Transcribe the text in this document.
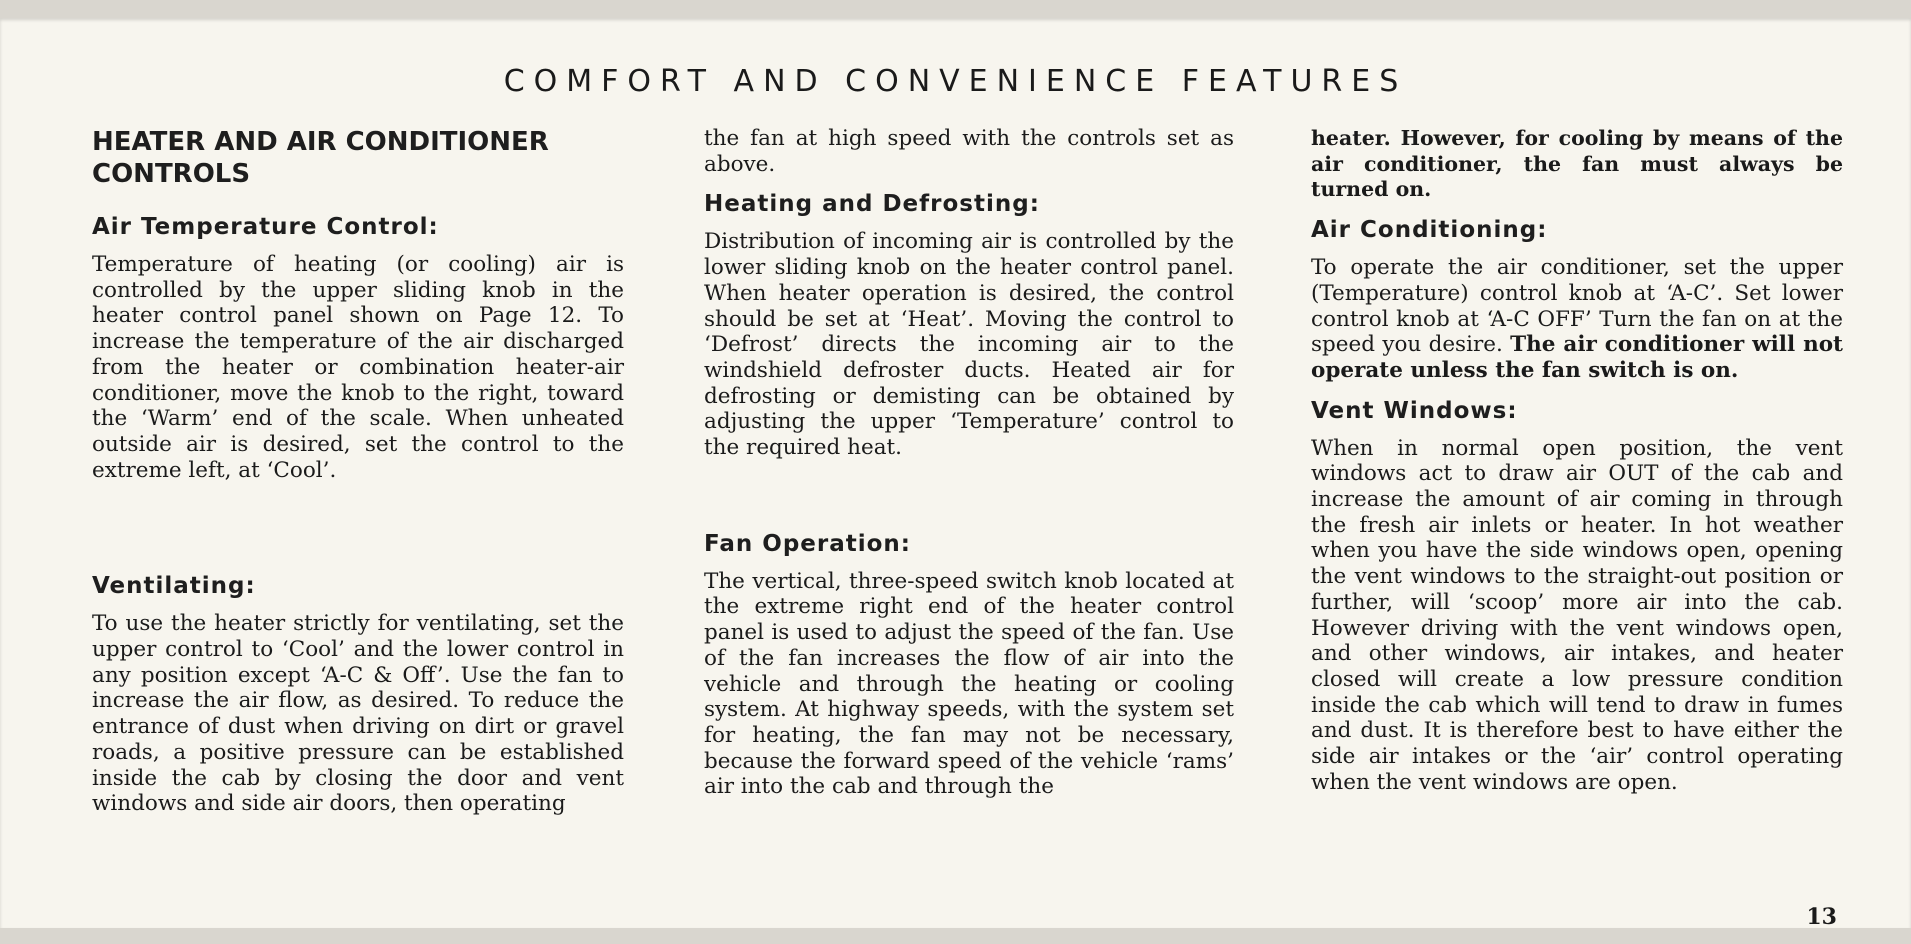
COMFORT AND CONVENIENCE FEATURES
HEATER AND AIR CONDITIONER CONTROLS
Air Temperature Control:

Temperature of heating (or cooling) air is controlled by the upper sliding knob in the heater control panel shown on Page 12. To increase the temperature of the air discharged from the heater or combination heater-air conditioner, move the knob to the right, toward the ‘Warm’ end of the scale. When unheated outside air is desired, set the control to the extreme left, at ‘Cool’.

Ventilating:

To use the heater strictly for ventilating, set the upper control to ‘Cool’ and the lower control in any position except ‘A-C & Off’. Use the fan to increase the air flow, as desired. To reduce the entrance of dust when driving on dirt or gravel roads, a positive pressure can be established inside the cab by closing the door and vent windows and side air doors, then operating

the fan at high speed with the controls set as above.

Heating and Defrosting:

Distribution of incoming air is controlled by the lower sliding knob on the heater control panel. When heater operation is desired, the control should be set at ‘Heat’. Moving the control to ‘Defrost’ directs the incoming air to the windshield defroster ducts. Heated air for defrosting or demisting can be obtained by adjusting the upper ‘Temperature’ control to the required heat.

Fan Operation:

The vertical, three-speed switch knob located at the extreme right end of the heater control panel is used to adjust the speed of the fan. Use of the fan increases the flow of air into the vehicle and through the heating or cooling system. At highway speeds, with the system set for heating, the fan may not be necessary, because the forward speed of the vehicle ‘rams’ air into the cab and through the

heater. However, for cooling by means of the air conditioner, the fan must always be turned on.

Air Conditioning:

To operate the air conditioner, set the upper (Temperature) control knob at ‘A-C’. Set lower control knob at ‘A-C OFF’ Turn the fan on at the speed you desire. The air conditioner will not operate unless the fan switch is on.

Vent Windows:

When in normal open position, the vent windows act to draw air OUT of the cab and increase the amount of air coming in through the fresh air inlets or heater. In hot weather when you have the side windows open, opening the vent windows to the straight-out position or further, will ‘scoop’ more air into the cab. However driving with the vent windows open, and other windows, air intakes, and heater closed will create a low pressure condition inside the cab which will tend to draw in fumes and dust. It is therefore best to have either the side air intakes or the ‘air’ control operating when the vent windows are open.

13
